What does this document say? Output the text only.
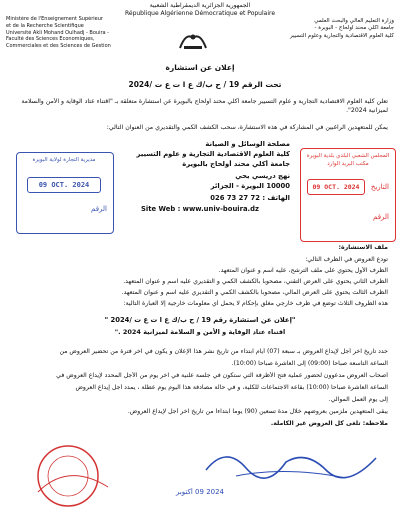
الجمهورية الجزائرية الديمقراطية الشعبية
République Algérienne Démocratique et Populaire
Ministère de l'Enseignement Supérieur
et de la Recherche Scientifique
Université Akli Mohand Oulhadj - Bouira -
Faculté des Sciences Économiques,
Commerciales et des Sciences de Gestion
وزارة التعليم العالي والبحث العلمي
جامعة أكلي محند أولحاج - البويرة -
كلية العلوم الاقتصادية والتجارية وعلوم التسيير
إعلان عن استشارة
تحت الرقم 19 / ح ب/ك ع ا ت ع ت /2024
تعلن كلية العلوم الاقتصادية التجارية و علوم التسيير جامعة أكلي محند أولحاج بالبويرة عن استشارة متعلقة بـ "اقتناء عتاد الوقاية و الأمن والسلامة لميزانية 2024".
يمكن للمتعهدين الراغبين في المشاركة في هذه الاستشارة، سحب الكشف الكمي والتقديري من العنوان التالي:
مصلحة الوسائل و الصيانة
كلية العلوم الاقتصادية التجارية و علوم التسيير
جامعة أكلي محند أولحاج بالبويرة
نهج دريسي يحي
10000 البويرة - الجزائر
الهاتف : 72 27 73 026
Site Web : www.univ-bouira.dz
مديرية التجارة لولاية البويرة
09 OCT. 2024
الرقم
المجلس الشعبي البلدي بلدية البويرة
مكتب البريد الوارد
التاريخ
09 OCT. 2024
الرقم
ملف الاستشارة:
تودع العروض في الظرف التالي:
الظرف الأول يحتوي على ملف الترشح، عليه اسم و عنوان المتعهد.
الظرف الثاني يحتوي على العرض التقني، مصحوبا بالكشف الكمي و التقديري عليه اسم و عنوان المتعهد.
الظرف الثالث يحتوي على العرض المالي، مصحوبا بالكشف الكمي و التقديري عليه اسم و عنوان المتعهد.
هذه الظروف الثلاث توضع في ظرف خارجي مغلق بإحكام لا يحمل أي معلومات خارجية إلا العبارة التالية:
"إعلان عن استشارة رقم 19 / ح ب/ك ع ا ت ع ت /2024 "
اقتناء عتاد الوقاية و الأمن و السلامة لميزانية 2024 ."
حدد تاريخ آخر أجل لإيداع العروض بـ سبعة (07) أيام ابتداء من تاريخ نشر هذا الإعلان و يكون في آخر فترة من تحضير العروض من
الساعة التاسعة صباحا (09:00) إلى العاشرة صباحا (10:00).
أصحاب العروض مدعوون لحضور عملية فتح الأظرفة التي ستكون في جلسة علنية في آخر يوم من الأجل المحدد لإيداع العروض في
الساعة العاشرة صباحا (10:00) بقاعة الاجتماعات للكلية، و في حالة مصادفة هذا اليوم يوم عطلة ، يمدد أجل إيداع العروض
إلى يوم العمل الموالي.
يبقى المتعهدين ملزمين بعروضهم خلال مدة تسعين (90) يوما ابتداءا من تاريخ آخر أجل لإيداع العروض.
ملاحظة: تلغى كل العروض غير الكاملة.
2024 09 أكتوبر
